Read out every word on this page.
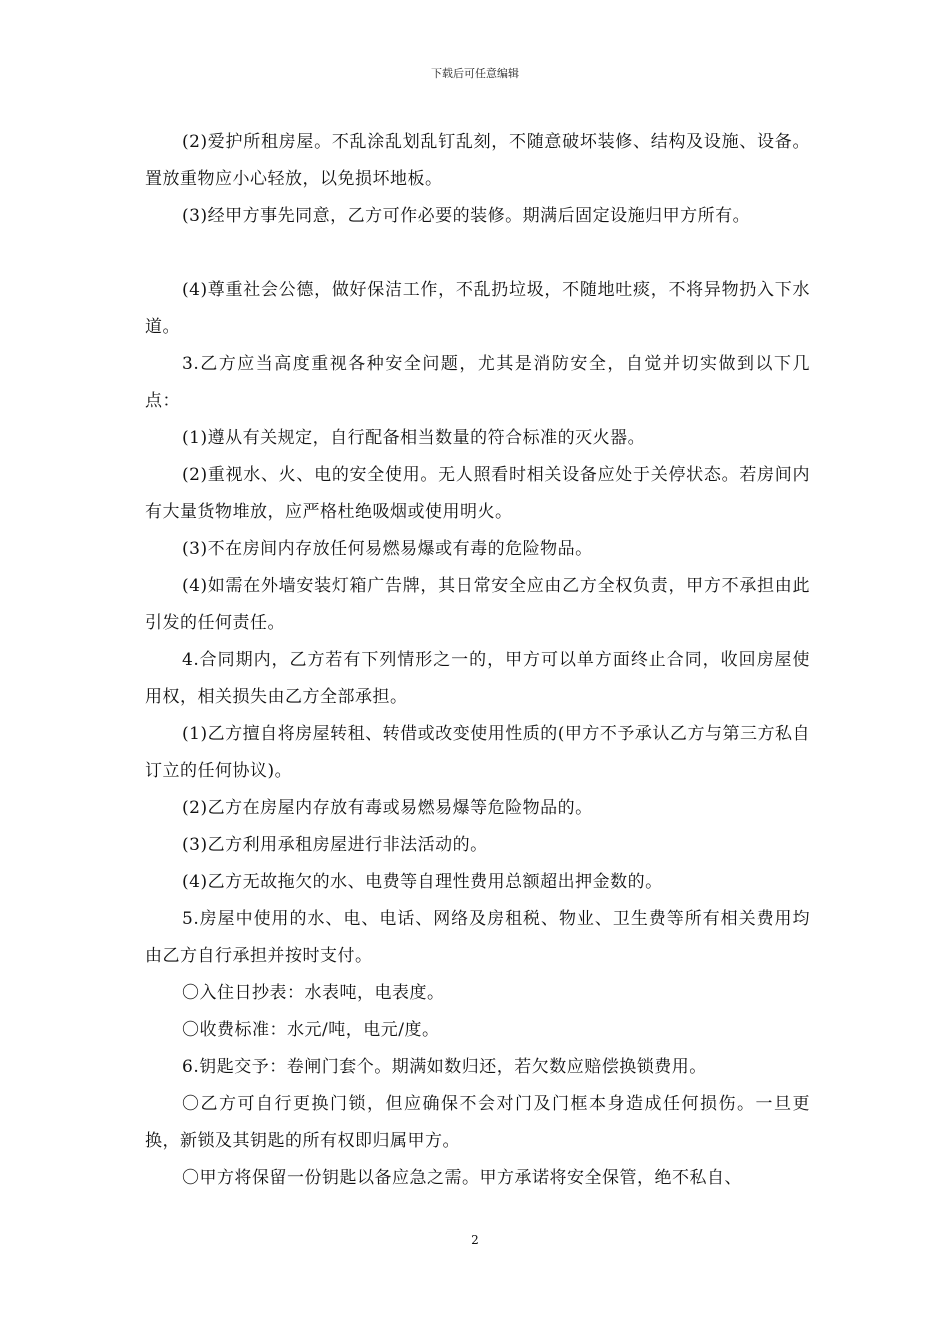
下载后可任意编辑

(2)爱护所租房屋。不乱涂乱划乱钉乱刻，不随意破坏装修、结构及设施、设备。置放重物应小心轻放，以免损坏地板。

(3)经甲方事先同意，乙方可作必要的装修。期满后固定设施归甲方所有。

(4)尊重社会公德，做好保洁工作，不乱扔垃圾，不随地吐痰，不将异物扔入下水道。

3.乙方应当高度重视各种安全问题，尤其是消防安全，自觉并切实做到以下几点：

(1)遵从有关规定，自行配备相当数量的符合标准的灭火器。

(2)重视水、火、电的安全使用。无人照看时相关设备应处于关停状态。若房间内有大量货物堆放，应严格杜绝吸烟或使用明火。

(3)不在房间内存放任何易燃易爆或有毒的危险物品。

(4)如需在外墙安装灯箱广告牌，其日常安全应由乙方全权负责，甲方不承担由此引发的任何责任。

4.合同期内，乙方若有下列情形之一的，甲方可以单方面终止合同，收回房屋使用权，相关损失由乙方全部承担。

(1)乙方擅自将房屋转租、转借或改变使用性质的(甲方不予承认乙方与第三方私自订立的任何协议)。

(2)乙方在房屋内存放有毒或易燃易爆等危险物品的。

(3)乙方利用承租房屋进行非法活动的。

(4)乙方无故拖欠的水、电费等自理性费用总额超出押金数的。

5.房屋中使用的水、电、电话、网络及房租税、物业、卫生费等所有相关费用均由乙方自行承担并按时支付。

〇入住日抄表：水表吨，电表度。

〇收费标准：水元/吨，电元/度。

6.钥匙交予：卷闸门套个。期满如数归还，若欠数应赔偿换锁费用。

〇乙方可自行更换门锁，但应确保不会对门及门框本身造成任何损伤。一旦更换，新锁及其钥匙的所有权即归属甲方。

〇甲方将保留一份钥匙以备应急之需。甲方承诺将安全保管，绝不私自、

2
